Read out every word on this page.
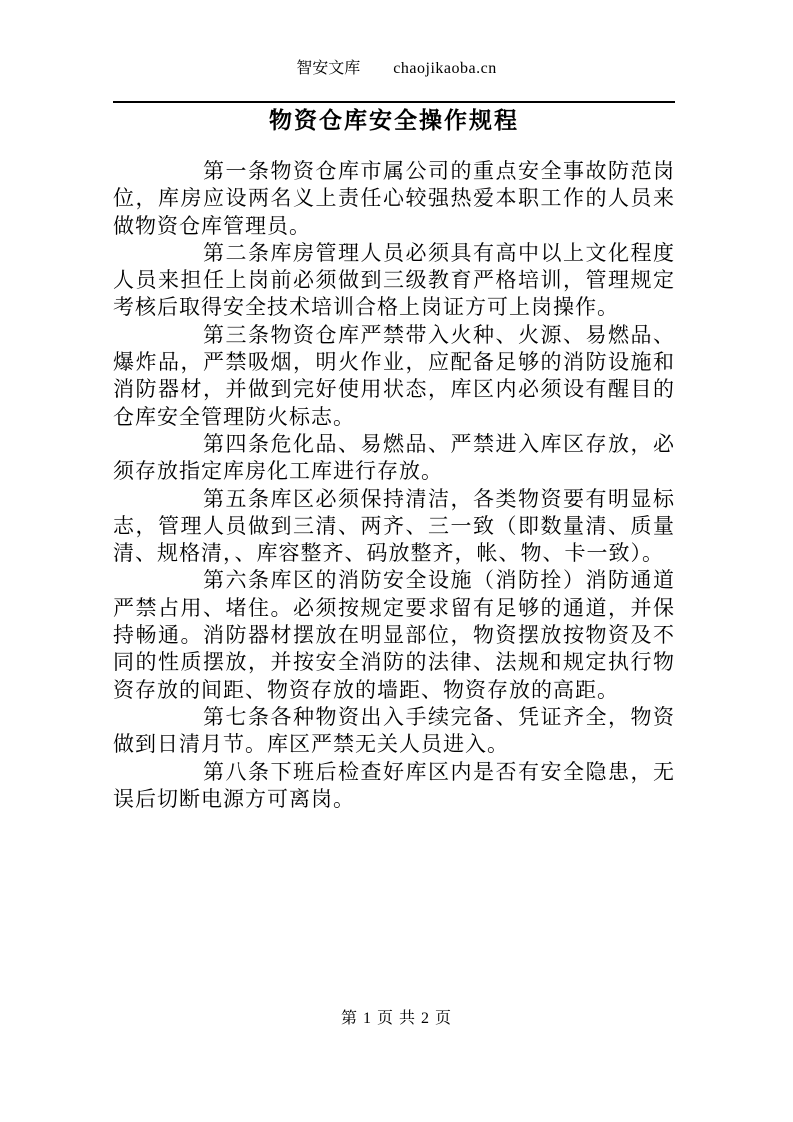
智安文库 chaojikaoba.cn
物资仓库安全操作规程

第一条物资仓库市属公司的重点安全事故防范岗位，库房应设两名义上责任心较强热爱本职工作的人员来做物资仓库管理员。

第二条库房管理人员必须具有高中以上文化程度人员来担任上岗前必须做到三级教育严格培训，管理规定考核后取得安全技术培训合格上岗证方可上岗操作。

第三条物资仓库严禁带入火种、火源、易燃品、爆炸品，严禁吸烟，明火作业，应配备足够的消防设施和消防器材，并做到完好使用状态，库区内必须设有醒目的仓库安全管理防火标志。

第四条危化品、易燃品、严禁进入库区存放，必须存放指定库房化工库进行存放。

第五条库区必须保持清洁，各类物资要有明显标志，管理人员做到三清、两齐、三一致（即数量清、质量清、规格清，、库容整齐、码放整齐，帐、物、卡一致）。

第六条库区的消防安全设施（消防拴）消防通道严禁占用、堵住。必须按规定要求留有足够的通道，并保持畅通。消防器材摆放在明显部位，物资摆放按物资及不同的性质摆放，并按安全消防的法律、法规和规定执行物资存放的间距、物资存放的墙距、物资存放的高距。

第七条各种物资出入手续完备、凭证齐全，物资做到日清月节。库区严禁无关人员进入。

第八条下班后检查好库区内是否有安全隐患，无误后切断电源方可离岗。

第 1 页 共 2 页
